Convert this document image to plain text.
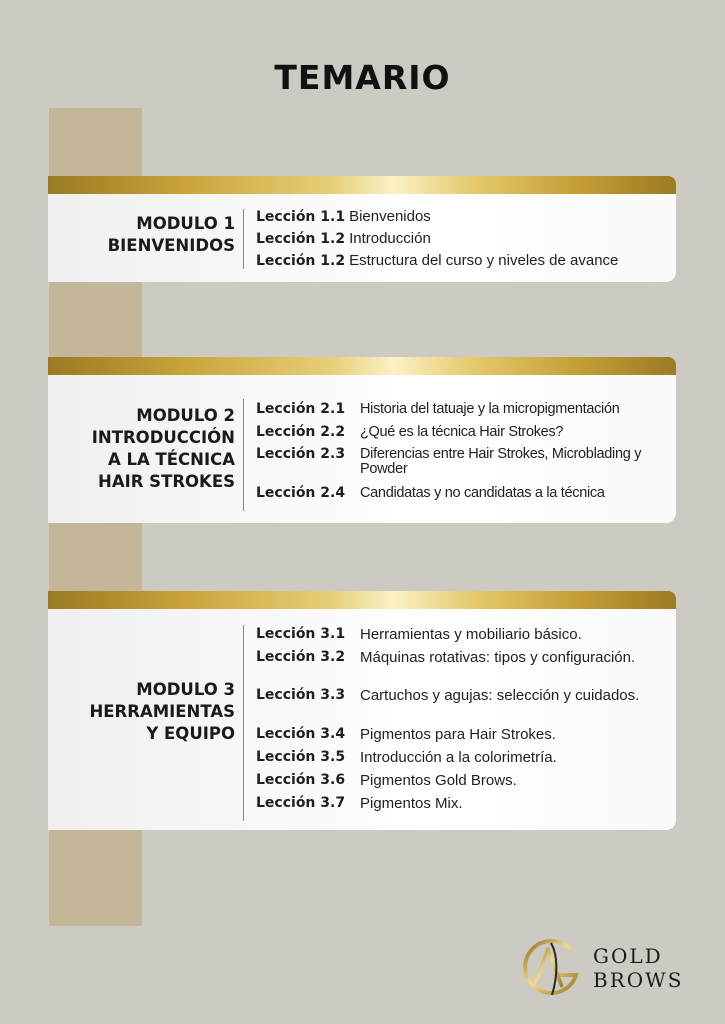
TEMARIO
MODULO 1
BIENVENIDOS
Lección 1.1 Bienvenidos
Lección 1.2 Introducción
Lección 1.2 Estructura del curso y niveles de avance
MODULO 2
INTRODUCCIÓN
A LA TÉCNICA
HAIR STROKES
Lección 2.1	Historia del tatuaje y la micropigmentación
Lección 2.2	¿Qué es la técnica Hair Strokes?
Lección 2.3	Diferencias entre Hair Strokes, Microblading y Powder
Lección 2.4	Candidatas y no candidatas a la técnica
MODULO 3
HERRAMIENTAS
Y EQUIPO
Lección 3.1 Herramientas y mobiliario básico.
Lección 3.2 Máquinas rotativas: tipos y configuración.
Lección 3.3 Cartuchos y agujas: selección y cuidados.
Lección 3.4 Pigmentos para Hair Strokes.
Lección 3.5 Introducción a la colorimetría.
Lección 3.6 Pigmentos Gold Brows.
Lección 3.7 Pigmentos Mix.
GOLD
BROWS
